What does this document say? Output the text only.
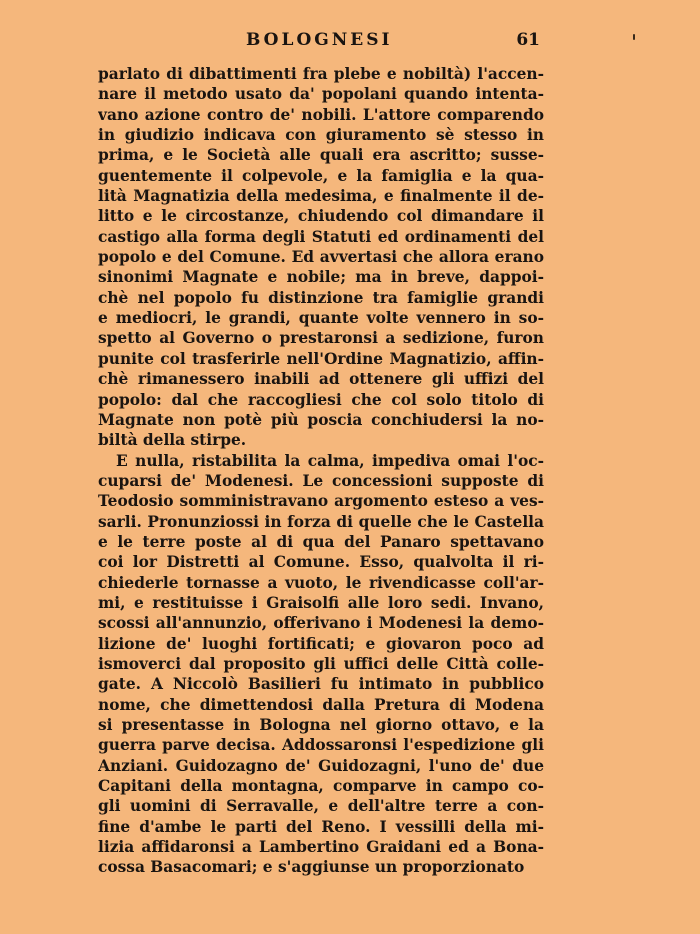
BOLOGNESI	61
parlato di dibattimenti fra plebe e nobiltà) l'accen-
nare il metodo usato da' popolani quando intenta-
vano azione contro de' nobili. L'attore comparendo
in giudizio indicava con giuramento sè stesso in
prima, e le Società alle quali era ascritto; susse-
guentemente il colpevole, e la famiglia e la qua-
lità Magnatizia della medesima, e finalmente il de-
litto e le circostanze, chiudendo col dimandare il
castigo alla forma degli Statuti ed ordinamenti del
popolo e del Comune. Ed avvertasi che allora erano
sinonimi Magnate e nobile; ma in breve, dappoi-
chè nel popolo fu distinzione tra famiglie grandi
e mediocri, le grandi, quante volte vennero in so-
spetto al Governo o prestaronsi a sedizione, furon
punite col trasferirle nell'Ordine Magnatizio, affin-
chè rimanessero inabili ad ottenere gli uffizi del
popolo: dal che raccogliesi che col solo titolo di
Magnate non potè più poscia conchiudersi la no-
biltà della stirpe.
E nulla, ristabilita la calma, impediva omai l'oc-
cuparsi de' Modenesi. Le concessioni supposte di
Teodosio somministravano argomento esteso a ves-
sarli. Pronunziossi in forza di quelle che le Castella
e le terre poste al di qua del Panaro spettavano
coi lor Distretti al Comune. Esso, qualvolta il ri-
chiederle tornasse a vuoto, le rivendicasse coll'ar-
mi, e restituisse i Graisolfi alle loro sedi. Invano,
scossi all'annunzio, offerivano i Modenesi la demo-
lizione de' luoghi fortificati; e giovaron poco ad
ismoverci dal proposito gli uffici delle Città colle-
gate. A Niccolò Basilieri fu intimato in pubblico
nome, che dimettendosi dalla Pretura di Modena
si presentasse in Bologna nel giorno ottavo, e la
guerra parve decisa. Addossaronsi l'espedizione gli
Anziani. Guidozagno de' Guidozagni, l'uno de' due
Capitani della montagna, comparve in campo co-
gli uomini di Serravalle, e dell'altre terre a con-
fine d'ambe le parti del Reno. I vessilli della mi-
lizia affidaronsi a Lambertino Graidani ed a Bona-
cossa Basacomari; e s'aggiunse un proporzionato
